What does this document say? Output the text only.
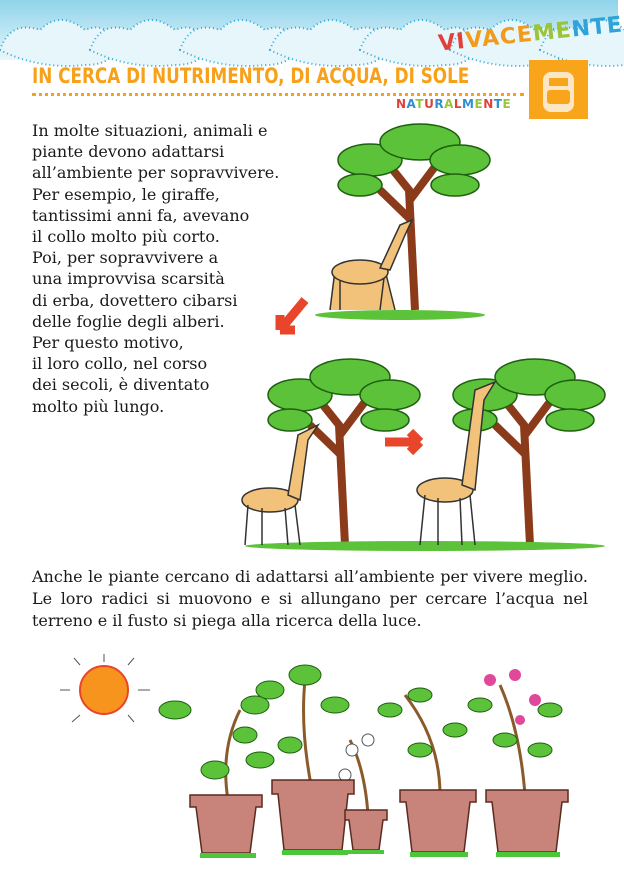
VIVACEMENTE
IN CERCA DI NUTRIMENTO, DI ACQUA, DI SOLE
NATURALMENTE
In molte situazioni, animali e
piante devono adattarsi
all’ambiente per sopravvivere.
Per esempio, le giraffe,
tantissimi anni fa, avevano
il collo molto più corto.
Poi, per sopravvivere a
una improvvisa scarsità
di erba, dovettero cibarsi
delle foglie degli alberi.
Per questo motivo,
il loro collo, nel corso
dei secoli, è diventato
molto più lungo.
Anche le piante cercano di adattarsi all’ambiente per vivere meglio. Le loro radici si muovono e si allungano per cercare l’acqua nel terreno e il fusto si piega alla ricerca della luce.
